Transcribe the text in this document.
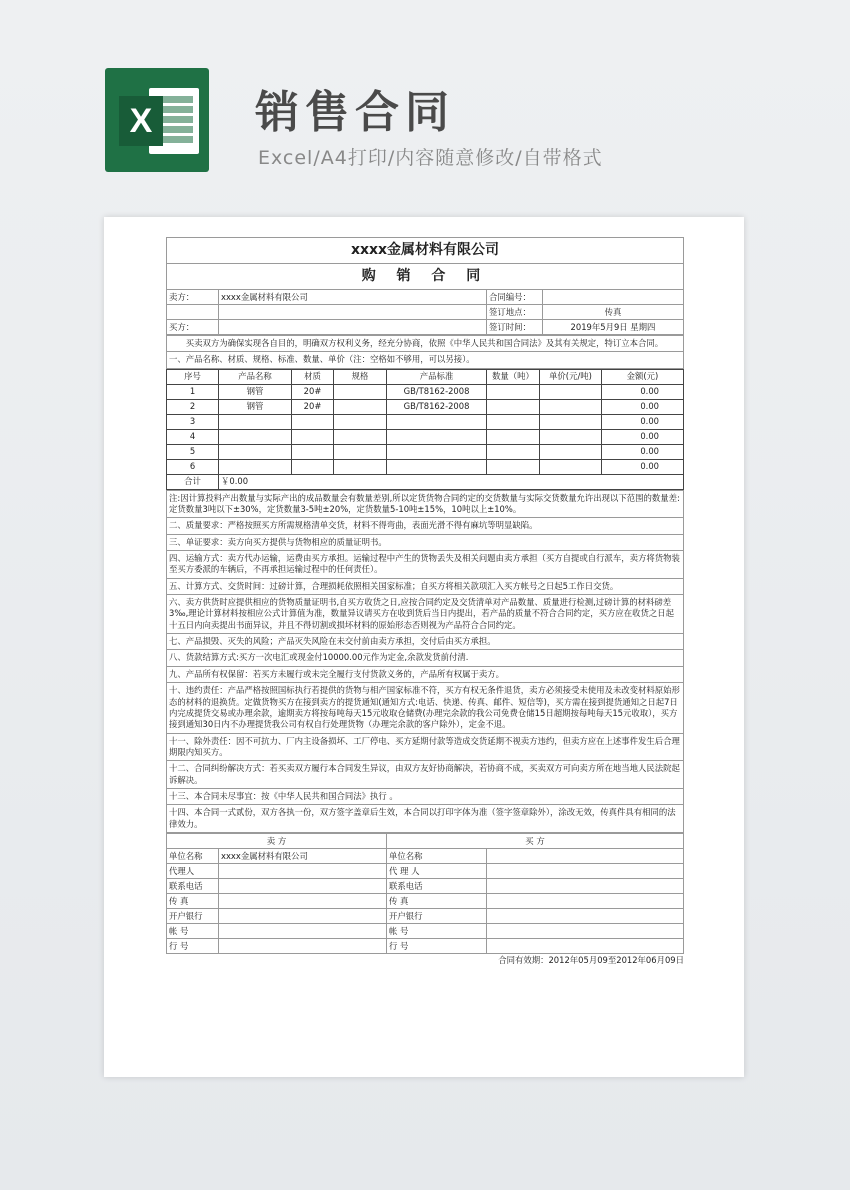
X 销售合同
Excel/A4打印/内容随意修改/自带格式
xxxx金属材料有限公司			
购 销 合 同			
卖方：	xxxx金属材料有限公司	合同编号：	
		签订地点：	传真
买方：		签订时间：	2019年5月9日 星期四
　　买卖双方为确保实现各自目的，明确双方权利义务，经充分协商，依照《中华人民共和国合同法》及其有关规定，特订立本合同。
一、产品名称、材质、规格、标准、数量、单价（注：空格如不够用，可以另接）。
序号	产品名称	材质	规格	产品标准	数量（吨）	单价(元/吨)	金额(元)
1	钢管	20#		GB/T8162-2008			0.00
2	钢管	20#		GB/T8162-2008			0.00
3							0.00
4							0.00
5							0.00
6							0.00
合计	￥0.00						
注:因计算投料产出数量与实际产出的成品数量会有数量差别,所以定货货物合同约定的交货数量与实际交货数量允许出现以下范围的数量差:定货数量3吨以下±30%，定货数量3-5吨±20%，定货数量5-10吨±15%，10吨以上±10%。
二、质量要求：严格按照买方所需规格清单交货，材料不得弯曲，表面光滑不得有麻坑等明显缺陷。
三、单证要求：卖方向买方提供与货物相应的质量证明书。
四、运输方式：卖方代办运输，运费由买方承担。运输过程中产生的货物丢失及相关问题由卖方承担（买方自提或自行派车，卖方将货物装至买方委派的车辆后，不再承担运输过程中的任何责任）。
五、计算方式、交货时间：过磅计算，合理损耗依照相关国家标准；自买方将相关款项汇入买方帐号之日起5工作日交货。
六、卖方供货时应提供相应的货物质量证明书,自买方收货之日,应按合同约定及交货清单对产品数量、质量进行检测,过磅计算的材料磅差3‰,理论计算材料按相应公式计算值为准，数量异议请买方在收到货后当日内提出，若产品的质量不符合合同约定，买方应在收货之日起十五日内向卖提出书面异议，并且不得切割或损坏材料的原始形态否则视为产品符合合同约定。
七、产品损毁、灭失的风险；产品灭失风险在未交付前由卖方承担，交付后由买方承担。
八、货款结算方式:买方一次电汇或现金付10000.00元作为定金,余款发货前付清.
九、产品所有权保留：若买方未履行或未完全履行支付货款义务的，产品所有权属于卖方。
十、违约责任：产品严格按照国标执行若提供的货物与相产国家标准不符，买方有权无条件退货，卖方必须接受未使用及未改变材料原始形态的材料的退换货。定做货物买方在接到卖方的提货通知(通知方式:电话、快递、传真、邮件、短信等)，买方需在接到提货通知之日起7日内完成提货交易或办理余款，逾期卖方将按每吨每天15元收取仓储费(办理完余款的我公司免费仓储15日超期按每吨每天15元收取），买方接到通知30日内不办理提货我公司有权自行处理货物（办理完余款的客户除外），定金不退。
十一、除外责任：因不可抗力、厂内主设备损坏、工厂停电、买方延期付款等造成交货延期不视卖方违约，但卖方应在上述事件发生后合理期限内知买方。
十二、合同纠纷解决方式：若买卖双方履行本合同发生异议，由双方友好协商解决，若协商不成，买卖双方可向卖方所在地当地人民法院起诉解决。
十三、本合同未尽事宜：按《中华人民共和国合同法》执行 。
十四、本合同一式贰份，双方各执一份，双方签字盖章后生效，本合同以打印字体为准（签字签章除外），涂改无效，传真件具有相同的法律效力。
卖 方		买 方	
单位名称	xxxx金属材料有限公司	单位名称	
代理人		代 理 人	
联系电话		联系电话	
传 真		传 真	
开户银行		开户银行	
帐 号		帐 号	
行 号		行 号	
合同有效期：2012年05月09至2012年06月09日
